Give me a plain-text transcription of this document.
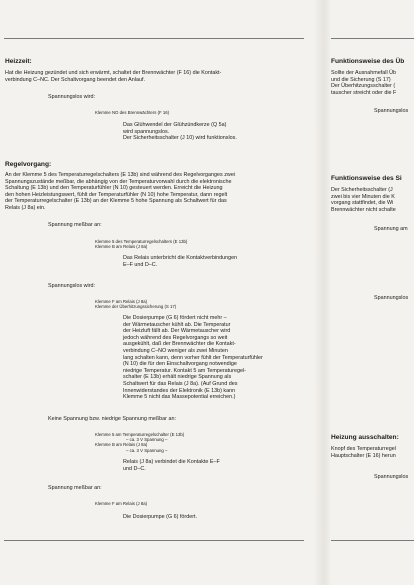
Heizzeit:
Hat die Heizung gezündet und sich erwärmt, schaltet der Brennwächter (F 16) die Kontakt-
verbindung C–NC. Der Schaltvorgang beendet den Anlauf.
Spannungslos wird:
Klemme NO des Brennwächters (F 16)
Das Glühwendel der Glühzündkerze (Q 5a)
wird spannungslos.
Der Sicherheitsschalter (J 10) wird funktionslos.
Regelvorgang:
An der Klemme 5 des Temperaturregelschalters (E 13b) sind während des Regelvorganges zwei
Spannungszustände meßbar, die abhängig von der Temperaturvorwahl durch die elektronische
Schaltung (E 13b) und den Temperaturfühler (N 10) gesteuert werden. Erreicht die Heizung
den hohen Heizleistungswert, fühlt der Temperaturfühler (N 10) hohe Temperatur, dann regelt
der Temperaturregelschalter (E 13b) an der Klemme 5 hohe Spannung als Schaltwert für das
Relais (J 8a) ein.
Spannung meßbar an:
Klemme 5 des Temperaturregelschalters (E 13b)
Klemme B am Relais (J 8a)
Das Relais unterbricht die Kontaktverbindungen
E–F und D–C.
Spannungslos wird:
Klemme F am Relais (J 8a)
Klemme der Überhitzungssicherung (S 17)
Die Dosierpumpe (G 6) fördert nicht mehr –
der Wärmetauscher kühlt ab. Die Temperatur
der Heizluft fällt ab. Der Wärmetauscher wird
jedoch während des Regelvorgangs so weit
ausgekühlt, daß der Brennwächter die Kontakt-
verbindung C–NO weniger als zwei Minuten
lang schalten kann, denn vorher fühlt der Temperaturfühler
(N 10) die für den Einschaltvorgang notwendige
niedrige Temperatur. Kontakt 5 am Temperaturegel-
schalter (E 13b) erhält niedrige Spannung als
Schaltwert für das Relais (J 8a). (Auf Grund des
Innenwiderstandes der Elektronik (E 13b) kann
Klemme 5 nicht das Massepotential erreichen.)
Keine Spannung bzw. niedrige Spannung meßbar an:
Klemme 5 am Temperaturregelschalter (E 13b)
– ca. 3 V Spannung –
Klemme B am Relais (J 8a)
– ca. 3 V Spannung –
Relais (J 8a) verbindet die Kontakte E–F
und D–C.
Spannung meßbar an:
Klemme F am Relais (J 8a)
Die Dosierpumpe (G 6) fördert.
Funktionsweise des Üb
Sollte der Ausnahmefall Üb
und die Sicherung (S 17)
Der Überhitzungsschalter (
tauscher streicht oder die F
Spannungslos
Funktionsweise des Si
Der Sicherheitsschalter (J
zwei bis vier Minuten die K
vorgang stattfindet, die Wi
Brennwächter nicht schalte
Spannung am
Spannungslos
Heizung ausschalten:
Knopf des Temperaturregel
Hauptschalter (E 16) herun
Spannungslos
